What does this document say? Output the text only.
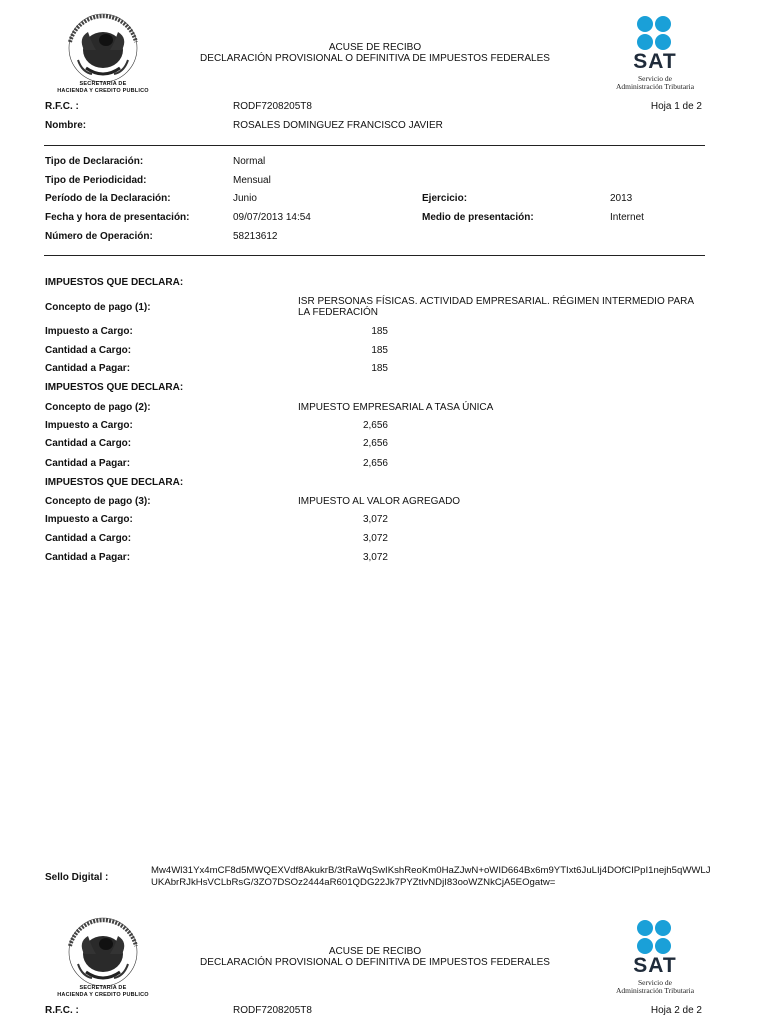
SECRETARIA DE
HACIENDA Y CREDITO PUBLICO
ACUSE DE RECIBO
DECLARACIÓN PROVISIONAL O DEFINITIVA DE IMPUESTOS FEDERALES	SAT
Servicio de
Administración Tributaria
R.F.C. :	RODF7208205T8	Hoja 1 de 2
Nombre:	ROSALES DOMINGUEZ FRANCISCO JAVIER
Tipo de Declaración:	Normal
Tipo de Periodicidad:	Mensual
Período de la Declaración:	Junio	Ejercicio:	2013
Fecha y hora de presentación:	09/07/2013 14:54	Medio de presentación:	Internet
Número de Operación:	58213612
IMPUESTOS QUE DECLARA:
Concepto de pago (1):
ISR PERSONAS FÍSICAS. ACTIVIDAD EMPRESARIAL. RÉGIMEN INTERMEDIO PARA
LA FEDERACIÓN
Impuesto a Cargo:	185
Cantidad a Cargo:	185
Cantidad a Pagar:	185
IMPUESTOS QUE DECLARA:
Concepto de pago (2):	IMPUESTO EMPRESARIAL A TASA ÚNICA
Impuesto a Cargo:	2,656
Cantidad a Cargo:	2,656
Cantidad a Pagar:	2,656
IMPUESTOS QUE DECLARA:
Concepto de pago (3):	IMPUESTO AL VALOR AGREGADO
Impuesto a Cargo:	3,072
Cantidad a Cargo:	3,072
Cantidad a Pagar:	3,072
Sello Digital :
Mw4Wl31Yx4mCF8d5MWQEXVdf8AkukrB/3tRaWqSwIKshReoKm0HaZJwN+oWID664Bx6m9YTIxt6JuLIj4DOfCIPpI1nejh5qWWLJ
UKAbrRJkHsVCLbRsG/3ZO7DSOz2444aR601QDG22Jk7PYZtlvNDjI83ooWZNkCjA5EOgatw=
SECRETARIA DE
HACIENDA Y CREDITO PUBLICO
ACUSE DE RECIBO
DECLARACIÓN PROVISIONAL O DEFINITIVA DE IMPUESTOS FEDERALES	SAT
Servicio de
Administración Tributaria
R.F.C. :	RODF7208205T8	Hoja 2 de 2
